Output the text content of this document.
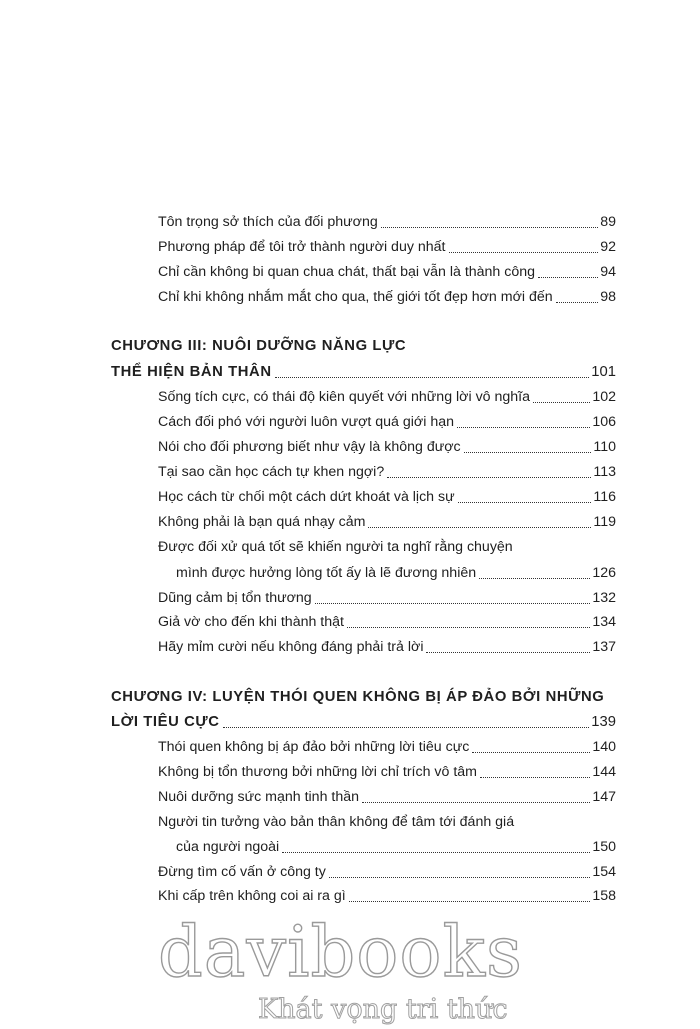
Tôn trọng sở thích của đối phương	89
Phương pháp để tôi trở thành người duy nhất	92
Chỉ cần không bi quan chua chát, thất bại vẫn là thành công	94
Chỉ khi không nhắm mắt cho qua, thế giới tốt đẹp hơn mới đến	98
CHƯƠNG III: NUÔI DƯỠNG NĂNG LỰC
THỂ HIỆN BẢN THÂN	101
Sống tích cực, có thái độ kiên quyết với những lời vô nghĩa	102
Cách đối phó với người luôn vượt quá giới hạn	106
Nói cho đối phương biết như vậy là không được	110
Tại sao cần học cách tự khen ngợi?	113
Học cách từ chối một cách dứt khoát và lịch sự	116
Không phải là bạn quá nhạy cảm	119
Được đối xử quá tốt sẽ khiến người ta nghĩ rằng chuyện
mình được hưởng lòng tốt ấy là lẽ đương nhiên	126
Dũng cảm bị tổn thương	132
Giả vờ cho đến khi thành thật	134
Hãy mỉm cười nếu không đáng phải trả lời	137
CHƯƠNG IV: LUYỆN THÓI QUEN KHÔNG BỊ ÁP ĐẢO BỞI NHỮNG
LỜI TIÊU CỰC	139
Thói quen không bị áp đảo bởi những lời tiêu cực	140
Không bị tổn thương bởi những lời chỉ trích vô tâm	144
Nuôi dưỡng sức mạnh tinh thần	147
Người tin tưởng vào bản thân không để tâm tới đánh giá
của người ngoài	150
Đừng tìm cố vấn ở công ty	154
Khi cấp trên không coi ai ra gì	158
davibooks
Khát vọng tri thức
